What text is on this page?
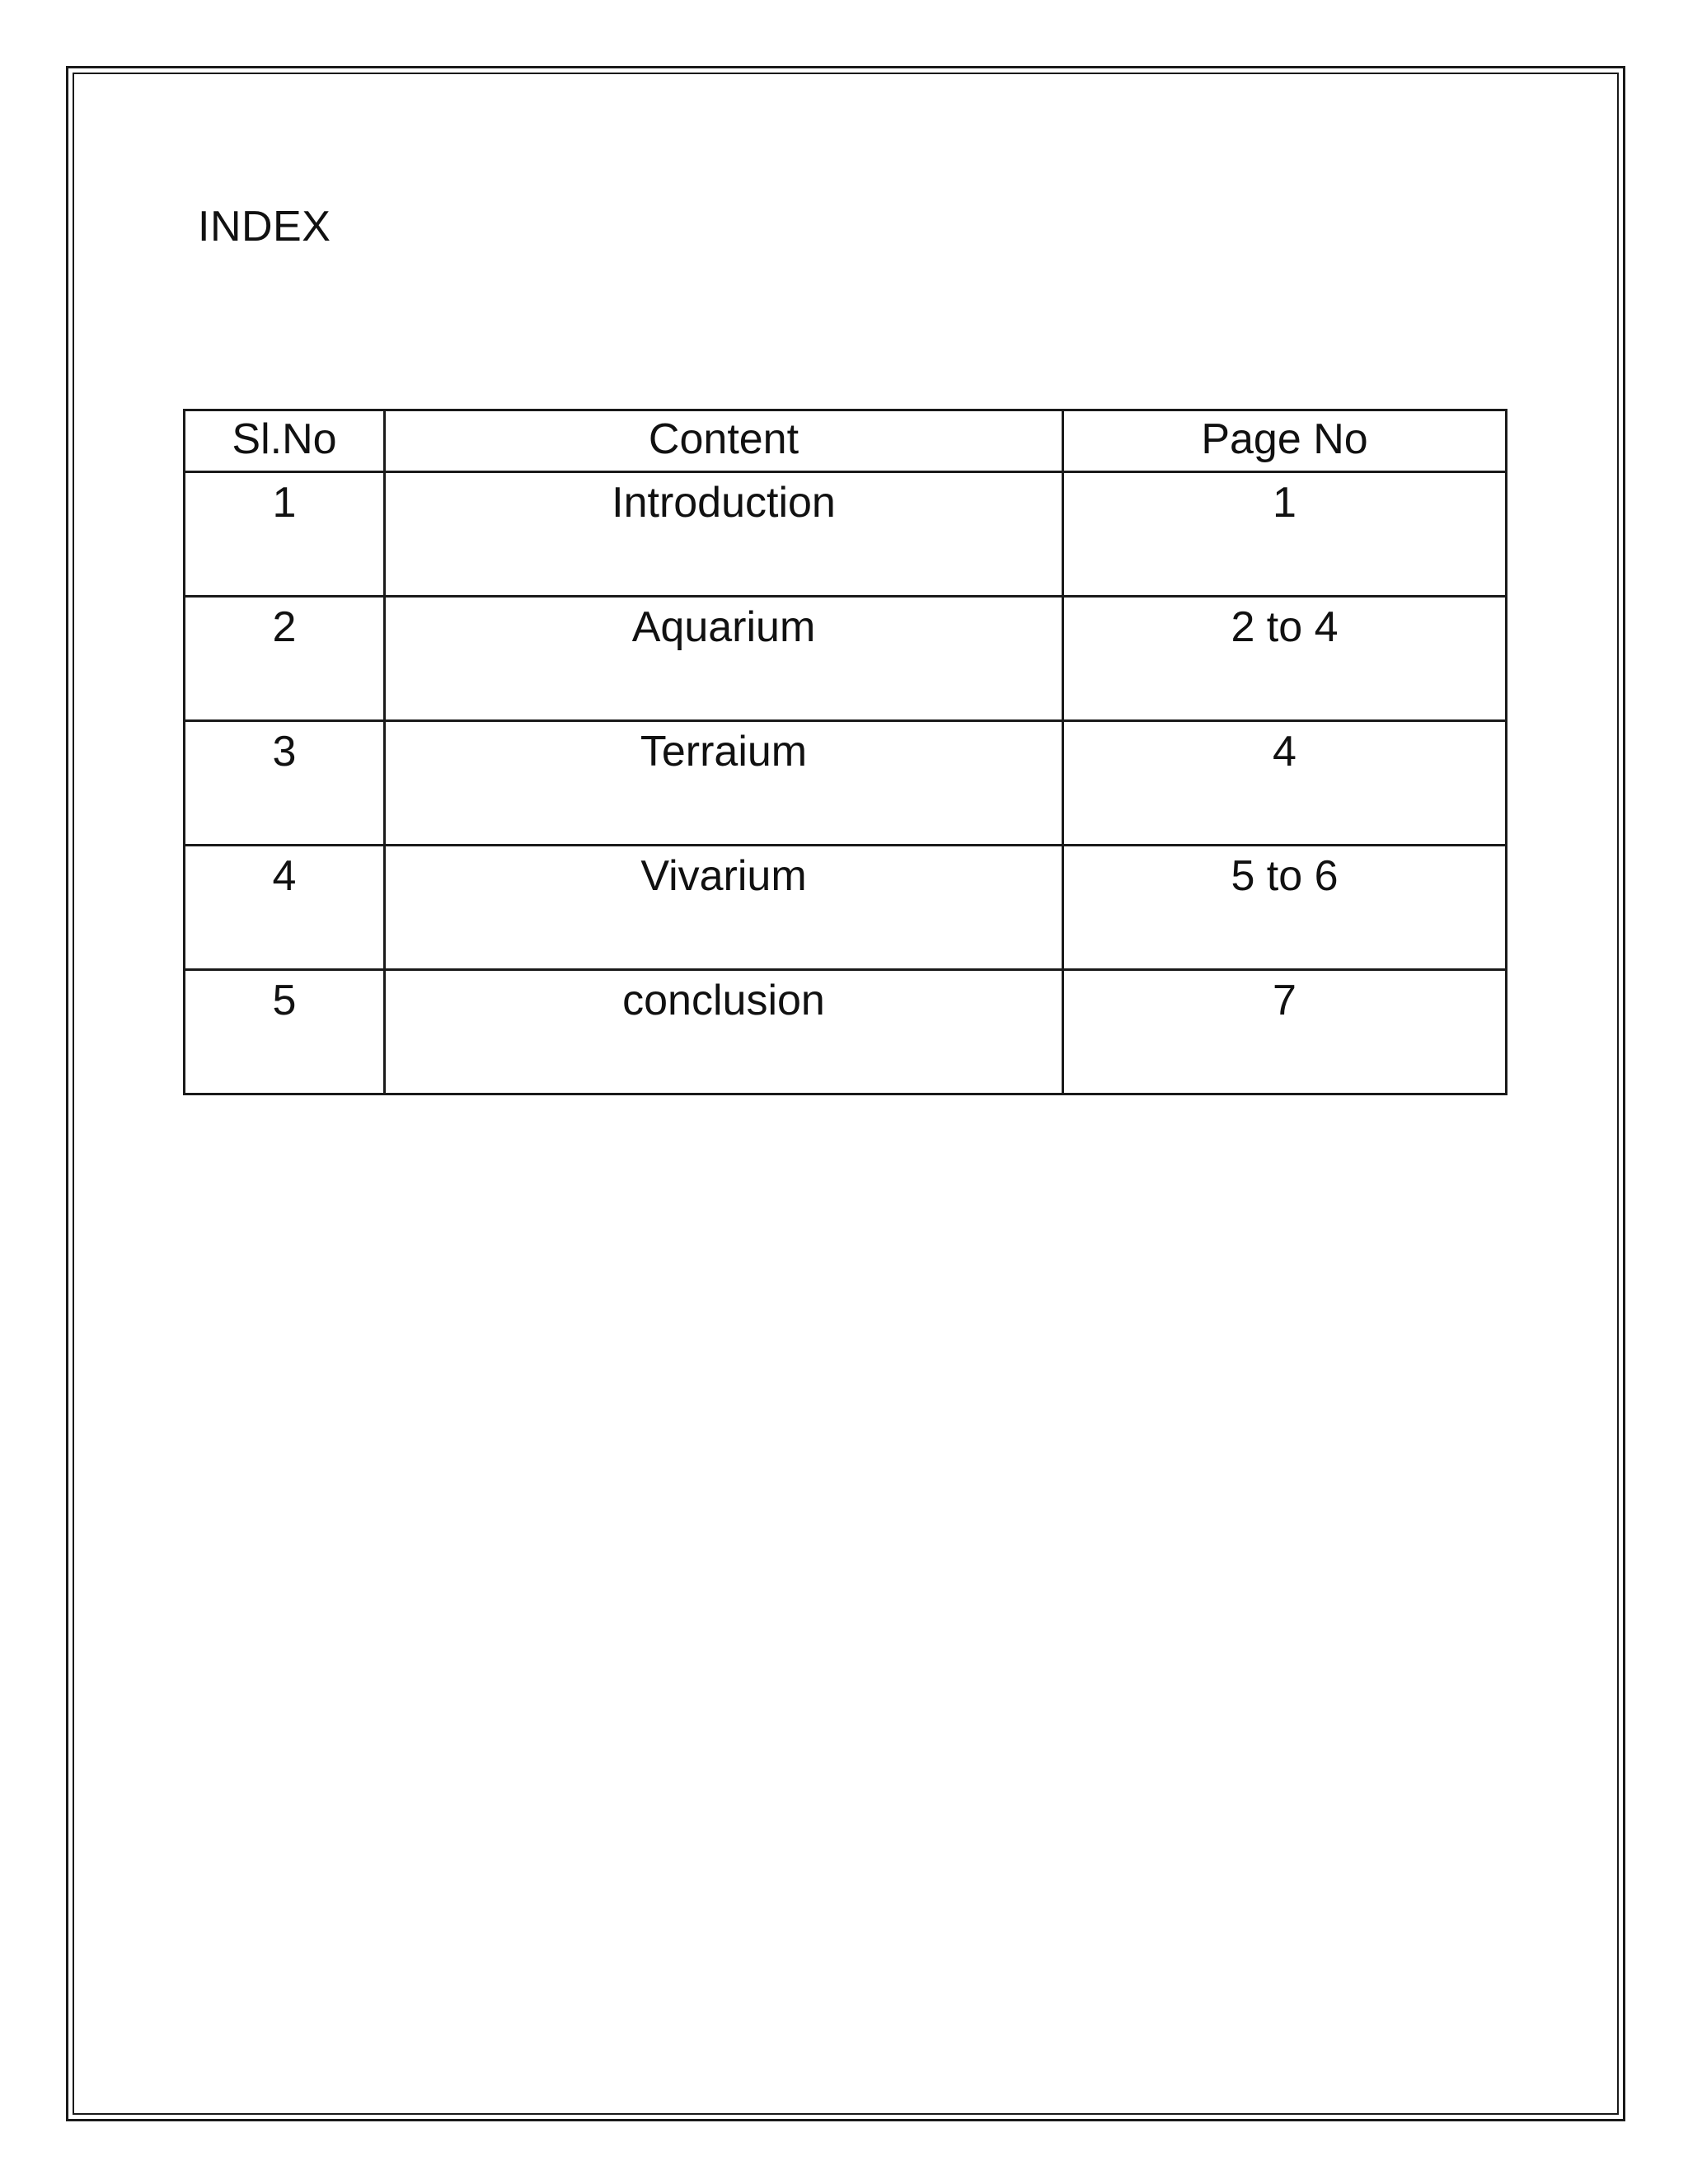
INDEX
Sl.No	Content	Page No
1	Introduction	1
2	Aquarium	2 to 4
3	Terraium	4
4	Vivarium	5 to 6
5	conclusion	7
